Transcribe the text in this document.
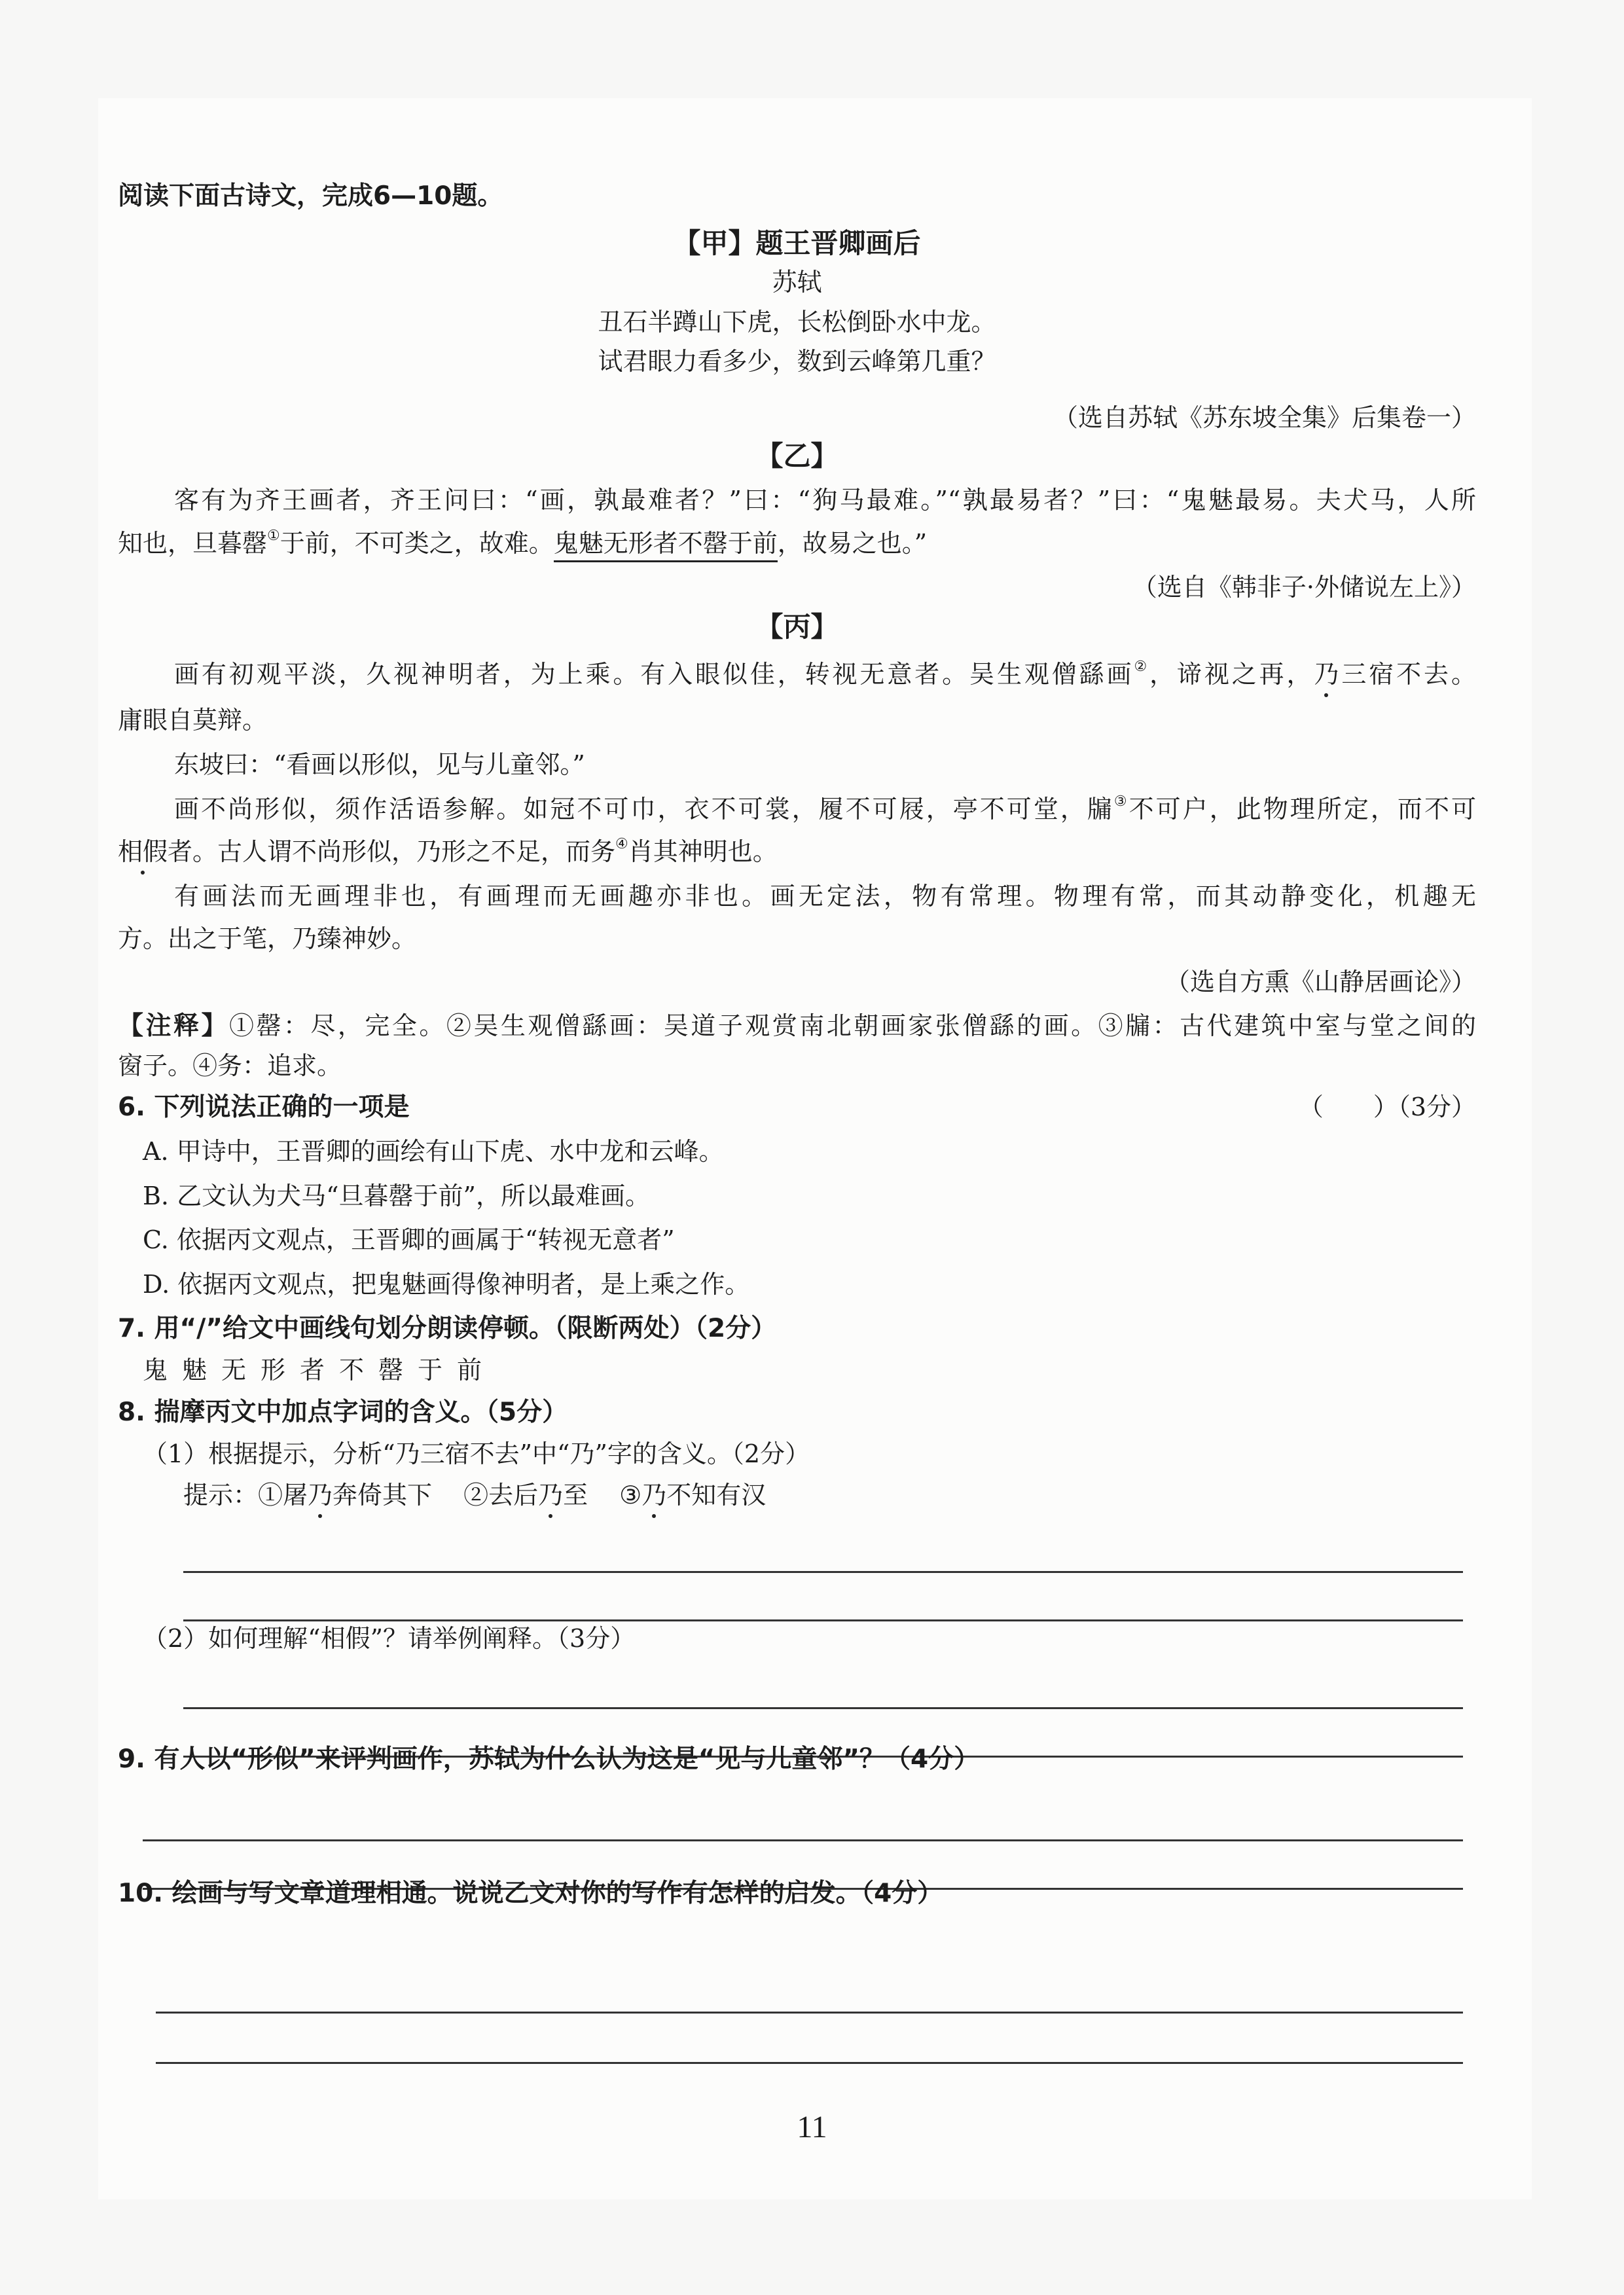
阅读下面古诗文，完成6—10题。
【甲】题王晋卿画后
苏轼
丑石半蹲山下虎，长松倒卧水中龙。
试君眼力看多少，数到云峰第几重？
（选自苏轼《苏东坡全集》后集卷一）
【乙】
客有为齐王画者，齐王问曰：“画，孰最难者？”曰：“狗马最难。”“孰最易者？”曰：“鬼魅最易。夫犬马，人所
知也，旦暮罄①于前，不可类之，故难。鬼魅无形者不罄于前，故易之也。”
（选自《韩非子·外储说左上》）
【丙】
画有初观平淡，久视神明者，为上乘。有入眼似佳，转视无意者。吴生观僧繇画②，谛视之再，乃三宿不去。
庸眼自莫辩。
东坡曰：“看画以形似，见与儿童邻。”
画不尚形似，须作活语参解。如冠不可巾，衣不可裳，履不可屐，亭不可堂，牖③不可户，此物理所定，而不可
相假者。古人谓不尚形似，乃形之不足，而务④肖其神明也。
有画法而无画理非也，有画理而无画趣亦非也。画无定法，物有常理。物理有常，而其动静变化，机趣无
方。出之于笔，乃臻神妙。
（选自方熏《山静居画论》）
【注释】①罄：尽，完全。②吴生观僧繇画：吴道子观赏南北朝画家张僧繇的画。③牖：古代建筑中室与堂之间的
窗子。④务：追求。
6. 下列说法正确的一项是	（　　）（3分）
A. 甲诗中，王晋卿的画绘有山下虎、水中龙和云峰。
B. 乙文认为犬马“旦暮罄于前”，所以最难画。
C. 依据丙文观点，王晋卿的画属于“转视无意者”
D. 依据丙文观点，把鬼魅画得像神明者，是上乘之作。
7. 用“/”给文中画线句划分朗读停顿。（限断两处）（2分）
鬼魅无形者不罄于前
8. 揣摩丙文中加点字词的含义。（5分）
（1）根据提示，分析“乃三宿不去”中“乃”字的含义。（2分）
提示：①屠乃奔倚其下 ②去后乃至 ③乃不知有汉
（2）如何理解“相假”？请举例阐释。（3分）
9. 有人以“形似”来评判画作，苏轼为什么认为这是“见与儿童邻”？（4分）
10. 绘画与写文章道理相通。说说乙文对你的写作有怎样的启发。（4分）
11
